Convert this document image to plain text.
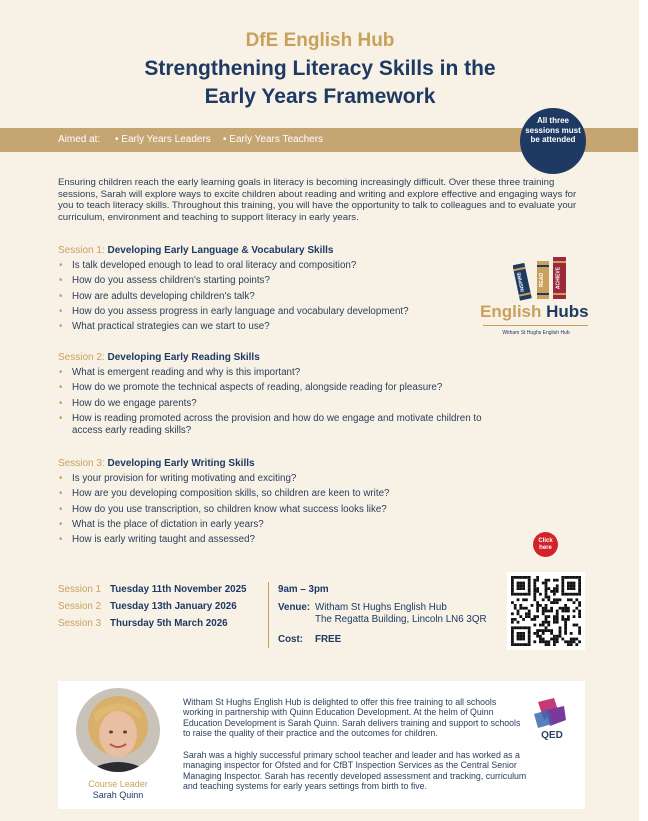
DfE English Hub
Strengthening Literacy Skills in the
Early Years Framework
Aimed at: • Early Years Leaders • Early Years Teachers
All three sessions must be attended
Ensuring children reach the early learning goals in literacy is becoming increasingly difficult. Over these three training sessions, Sarah will explore ways to excite children about reading and writing and explore effective and engaging ways for you to teach literacy skills. Throughout this training, you will have the opportunity to talk to colleagues and to evaluate your curriculum, environment and teaching to support literacy in early years.
Session 1: Developing Early Language & Vocabulary Skills
• Is talk developed enough to lead to oral literacy and composition?
• How do you assess children's starting points?
• How are adults developing children's talk?
• How do you assess progress in early language and vocabulary development?
• What practical strategies can we start to use?
Session 2: Developing Early Reading Skills
• What is emergent reading and why is this important?
• How do we promote the technical aspects of reading, alongside reading for pleasure?
• How do we engage parents?
• How is reading promoted across the provision and how do we engage and motivate children to access early reading skills?
Session 3: Developing Early Writing Skills
• Is your provision for writing motivating and exciting?
• How are you developing composition skills, so children are keen to write?
• How do you use transcription, so children know what success looks like?
• What is the place of dictation in early years?
• How is early writing taught and assessed?
INSPIRE	READ ACHIEVE
English Hubs
Witham St Hughs English Hub
Click here
Session 1 Tuesday 11th November 2025
Session 2 Tuesday 13th January 2026
Session 3 Thursday 5th March 2026
9am – 3pm
Venue: Witham St Hughs English Hub
The Regatta Building, Lincoln LN6 3QR
Cost: FREE
Course Leader
Sarah Quinn
Witham St Hughs English Hub is delighted to offer this free training to all schools working in partnership with Quinn Education Development. At the helm of Quinn Education Development is Sarah Quinn. Sarah delivers training and support to schools to raise the quality of their practice and the outcomes for children.
Sarah was a highly successful primary school teacher and leader and has worked as a managing inspector for Ofsted and for CfBT Inspection Services as the Central Senior Managing Inspector. Sarah has recently developed assessment and tracking, curriculum and teaching systems for early years settings from birth to five.
QED
